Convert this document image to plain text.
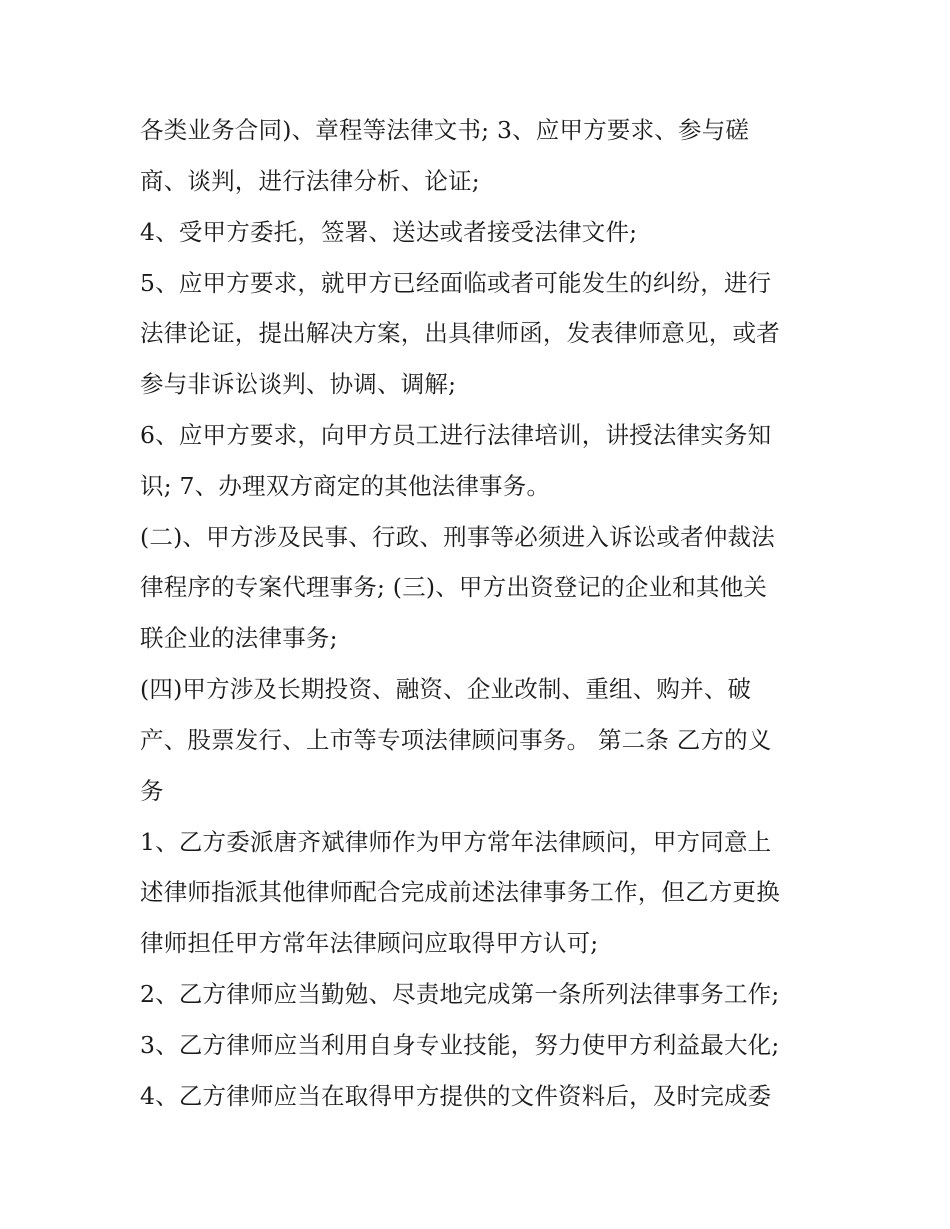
各类业务合同)、章程等法律文书; 3、应甲方要求、参与磋
商、谈判，进行法律分析、论证;
4、受甲方委托，签署、送达或者接受法律文件;
5、应甲方要求，就甲方已经面临或者可能发生的纠纷，进行
法律论证，提出解决方案，出具律师函，发表律师意见，或者
参与非诉讼谈判、协调、调解;
6、应甲方要求，向甲方员工进行法律培训，讲授法律实务知
识; 7、办理双方商定的其他法律事务。
(二)、甲方涉及民事、行政、刑事等必须进入诉讼或者仲裁法
律程序的专案代理事务; (三)、甲方出资登记的企业和其他关
联企业的法律事务;
(四)甲方涉及长期投资、融资、企业改制、重组、购并、破
产、股票发行、上市等专项法律顾问事务。 第二条 乙方的义
务
1、乙方委派唐齐斌律师作为甲方常年法律顾问，甲方同意上
述律师指派其他律师配合完成前述法律事务工作，但乙方更换
律师担任甲方常年法律顾问应取得甲方认可;
2、乙方律师应当勤勉、尽责地完成第一条所列法律事务工作;
3、乙方律师应当利用自身专业技能，努力使甲方利益最大化;
4、乙方律师应当在取得甲方提供的文件资料后，及时完成委
